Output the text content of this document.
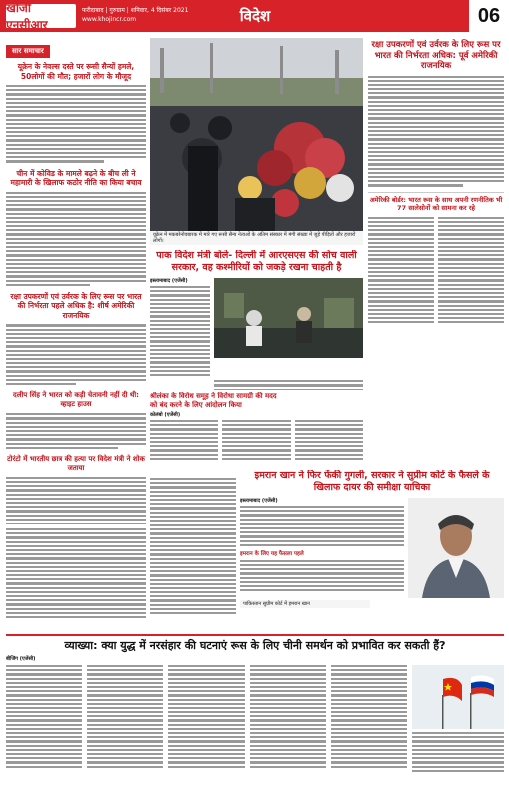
खोजी एनसीआर
फरीदाबाद | गुरुग्राम | शनिवार, 4 दिसंबर 2021
www.khojincr.com	विदेश	06
सार समाचार
यूक्रेन के नेवल्स दस्ते पर रूसी सैन्यों हमले, 50लोगों की मौत; हजारों लोग के मौजूद
चीन में कोविड के मामले बढ़ने के बीच ली ने महामारी के खिलाफ कठोर नीति का किया बचाव
रक्षा उपकरणों एवं उर्वरक के लिए रूस पर भारत की निर्भरता पहले अधिक है: शीर्ष अमेरिकी राजनयिक
दलीप सिंह ने भारत को कड़ी चेतावनी नहीं दी थी: व्हाइट हाउस
टोरंटो में भारतीय छात्र की हत्या पर विदेश मंत्री ने शोक जताया
यूक्रेन में मकबरेनोवबारक में मारे गए रूसी सैन्य नेताओं के अंतिम संस्कार में मंगी संख्या में जुड़े पीड़ितों और हजारों लोगों।
रक्षा उपकरणों एवं उर्वरक के लिए रूस पर भारत की निर्भरता अधिक: पूर्व अमेरिकी राजनयिक
अमेरिकी बोर्डर: भारत रूस के साथ अपनी रणनीतिक भी 77 सालेसोनों को सामना कर रहे
पाक विदेश मंत्री बोले- दिल्ली में आरएसएस की सोच वाली सरकार, वह कश्मीरियों को जकड़े रखना चाहती है
इस्लामाबाद (एजेंसी)
श्रीलंका के विरोध समूह ने विरोधा सामग्री की मदद को बंद करने के लिए आंदोलन किया
कोलंबो (एजेंसी)
इमरान खान ने फिर फेंकी गुगली, सरकार ने सुप्रीम कोर्ट के फैसले के खिलाफ दायर की समीक्षा याचिका
इस्लामाबाद (एजेंसी)
इमरान के लिए यह फैसला पहले
पाकिस्तान सुप्रीम कोर्ट में इमरान खान
व्याख्या: क्या युद्ध में नरसंहार की घटनाएं रूस के लिए चीनी समर्थन को प्रभावित कर सकती हैं?
बीजिंग (एजेंसी)
